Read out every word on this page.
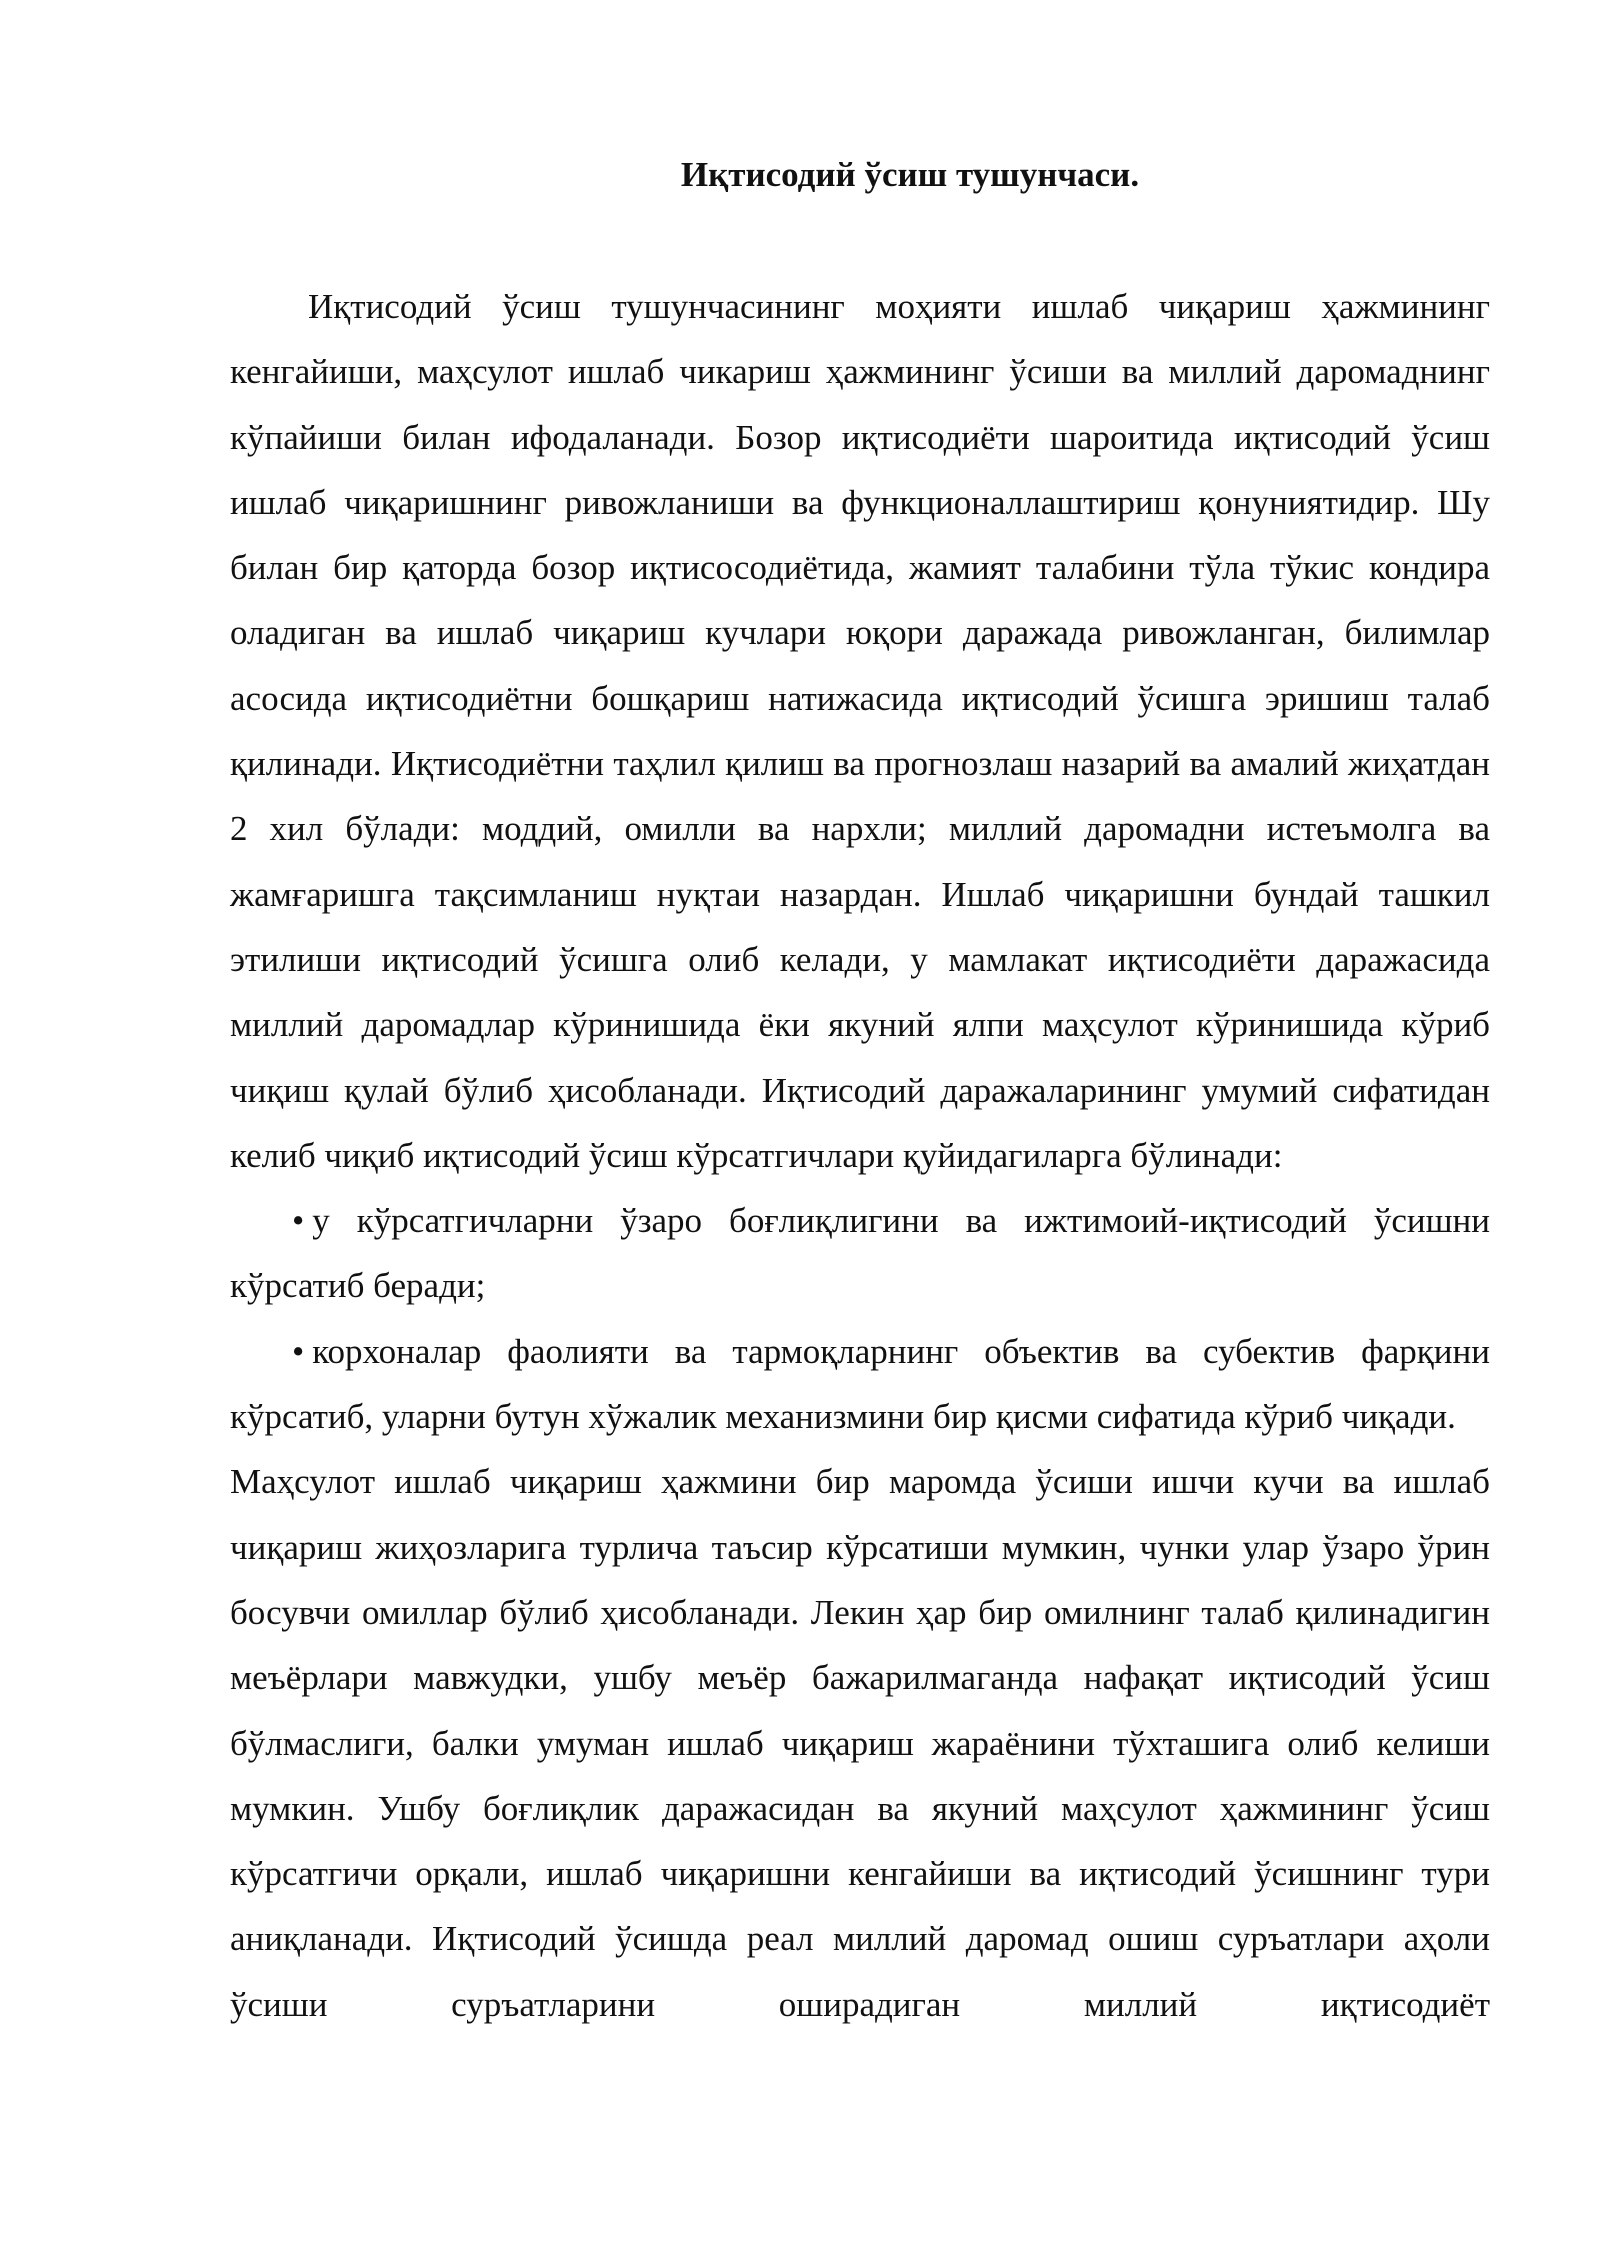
Иқтисодий ўсиш тушунчаси.

Иқтисодий ўсиш тушунчасининг моҳияти ишлаб чиқариш ҳажмининг кенгайиши, маҳсулот ишлаб чикариш ҳажмининг ўсиши ва миллий даромаднинг кўпайиши билан ифодаланади. Бозор иқтисодиёти шароитида иқтисодий ўсиш ишлаб чиқаришнинг ривожланиши ва функционаллаштириш қонуниятидир. Шу билан бир қаторда бозор иқтисосодиётида, жамият талабини тўла тўкис кондира оладиган ва ишлаб чиқариш кучлари юқори даражада ривожланган, билимлар асосида иқтисодиётни бошқариш натижасида иқтисодий ўсишга эришиш талаб қилинади. Иқтисодиётни таҳлил қилиш ва прогнозлаш назарий ва амалий жиҳатдан 2 хил бўлади: моддий, омилли ва нархли; миллий даромадни истеъмолга ва жамғаришга тақсимланиш нуқтаи назардан. Ишлаб чиқаришни бундай ташкил этилиши иқтисодий ўсишга олиб келади, у мамлакат иқтисодиёти даражасида миллий даромадлар кўринишида ёки якуний ялпи маҳсулот кўринишида кўриб чиқиш қулай бўлиб ҳисобланади. Иқтисодий даражаларининг умумий сифатидан келиб чиқиб иқтисодий ўсиш кўрсатгичлари қуйидагиларга бўлинади:

• у кўрсатгичларни ўзаро боғлиқлигини ва ижтимоий-иқтисодий ўсишни кўрсатиб беради;

• корхоналар фаолияти ва тармоқларнинг объектив ва субектив фарқини кўрсатиб, уларни бутун хўжалик механизмини бир қисми сифатида кўриб чиқади.

Маҳсулот ишлаб чиқариш ҳажмини бир маромда ўсиши ишчи кучи ва ишлаб чиқариш жиҳозларига турлича таъсир кўрсатиши мумкин, чунки улар ўзаро ўрин босувчи омиллар бўлиб ҳисобланади. Лекин ҳар бир омилнинг талаб қилинадигин меъёрлари мавжудки, ушбу меъёр бажарилмаганда нафақат иқтисодий ўсиш бўлмаслиги, балки умуман ишлаб чиқариш жараёнини тўхташига олиб келиши мумкин. Ушбу боғлиқлик даражасидан ва якуний маҳсулот ҳажмининг ўсиш кўрсатгичи орқали, ишлаб чиқаришни кенгайиши ва иқтисодий ўсишнинг тури аниқланади. Иқтисодий ўсишда реал миллий даромад ошиш суръатлари аҳоли ўсиши суръатларини оширадиган миллий иқтисодиёт
